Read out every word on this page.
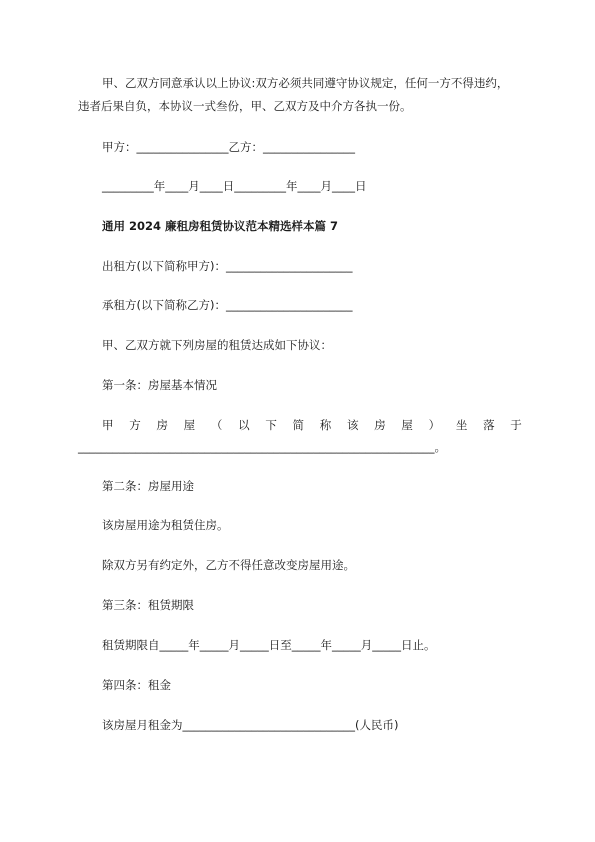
甲、乙双方同意承认以上协议:双方必须共同遵守协议规定，任何一方不得违约，
违者后果自负，本协议一式叁份，甲、乙双方及中介方各执一份。
甲方：________________乙方：________________
_________年____月____日_________年____月____日
通用 2024 廉租房租赁协议范本精选样本篇 7
出租方(以下简称甲方)：______________________
承租方(以下简称乙方)：______________________
甲、乙双方就下列房屋的租赁达成如下协议：
第一条：房屋基本情况
甲 方 房 屋 （ 以 下 简 称 该 房 屋 ） 坐 落 于
______________________________________________________________。
第二条：房屋用途
该房屋用途为租赁住房。
除双方另有约定外，乙方不得任意改变房屋用途。
第三条：租赁期限
租赁期限自_____年_____月_____日至_____年_____月_____日止。
第四条：租金
该房屋月租金为______________________________(人民币)
